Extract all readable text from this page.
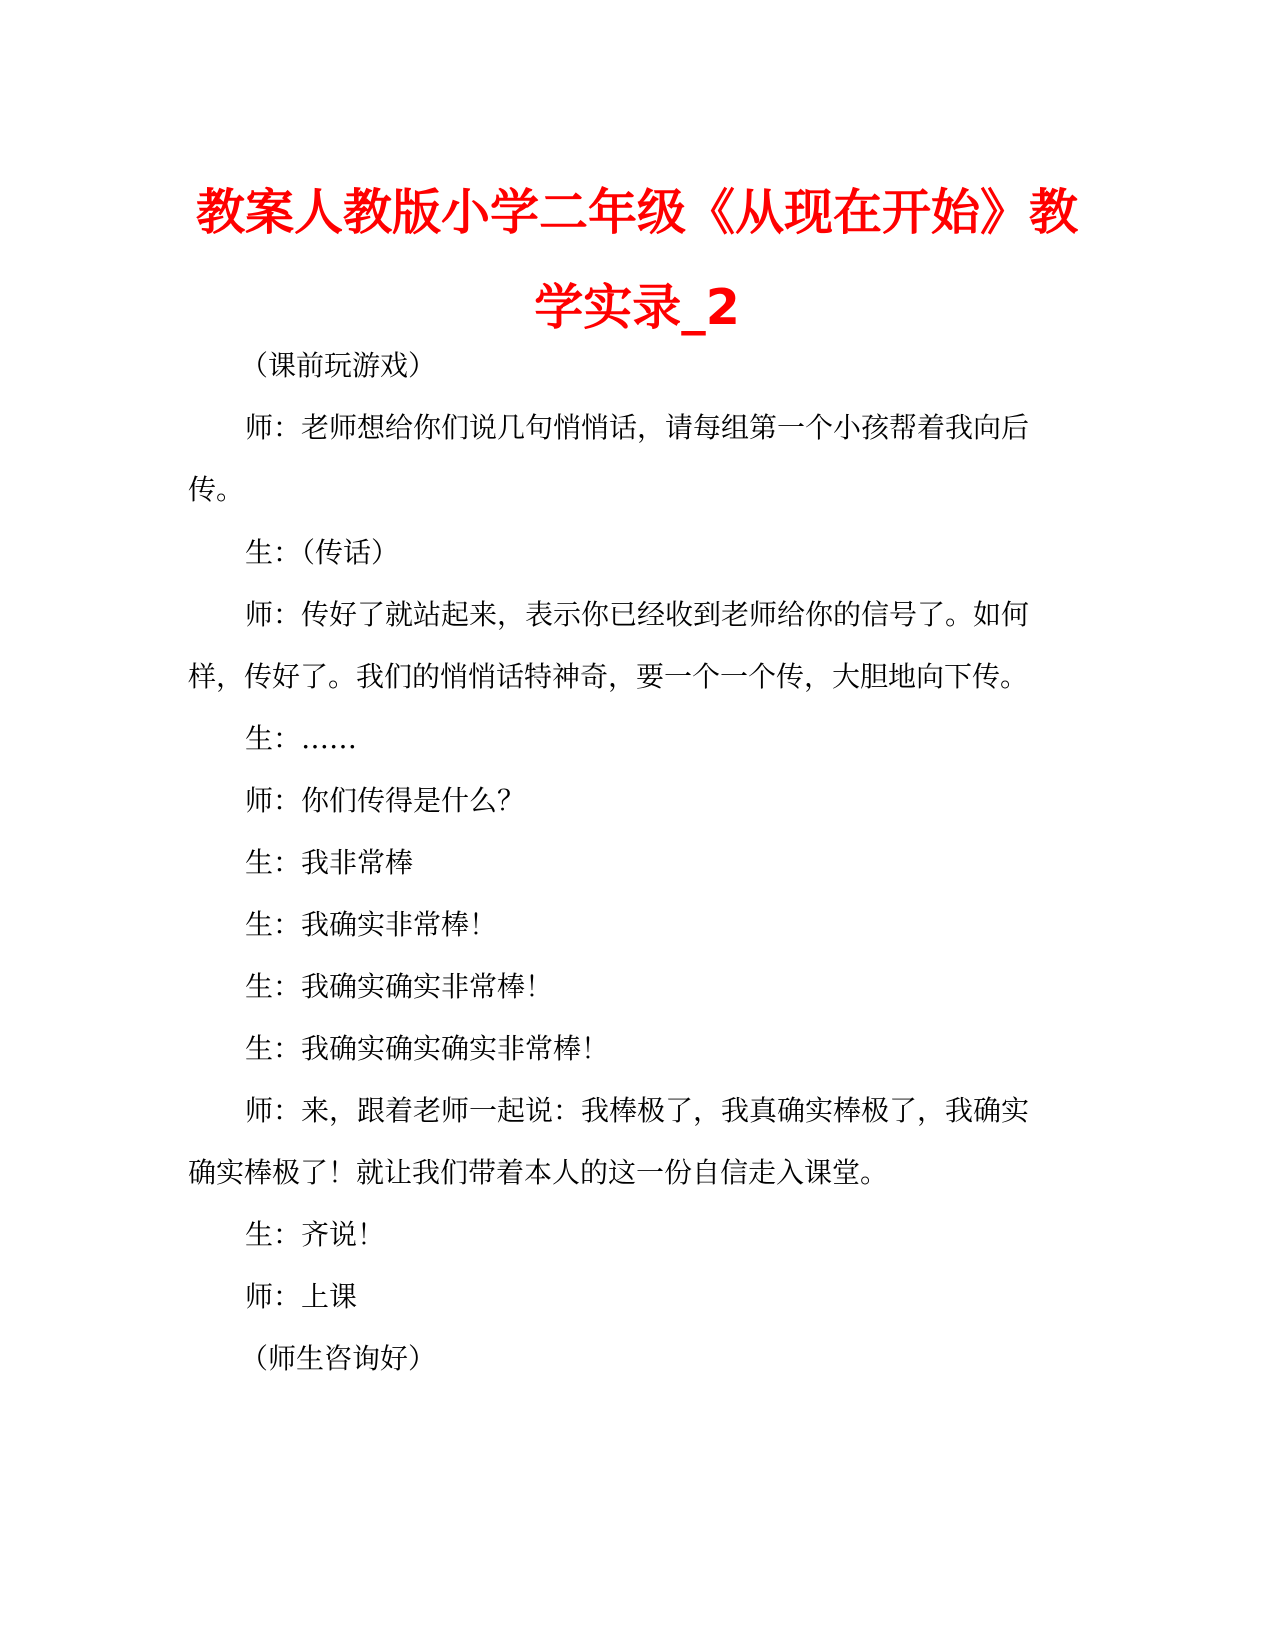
教案人教版小学二年级《从现在开始》教
学实录_2
（课前玩游戏）
师：老师想给你们说几句悄悄话，请每组第一个小孩帮着我向后
传。
生：（传话）
师：传好了就站起来，表示你已经收到老师给你的信号了。如何
样，传好了。我们的悄悄话特神奇，要一个一个传，大胆地向下传。
生：……
师：你们传得是什么？
生：我非常棒
生：我确实非常棒！
生：我确实确实非常棒！
生：我确实确实确实非常棒！
师：来，跟着老师一起说：我棒极了，我真确实棒极了，我确实
确实棒极了！就让我们带着本人的这一份自信走入课堂。
生：齐说！
师：上课
（师生咨询好）
